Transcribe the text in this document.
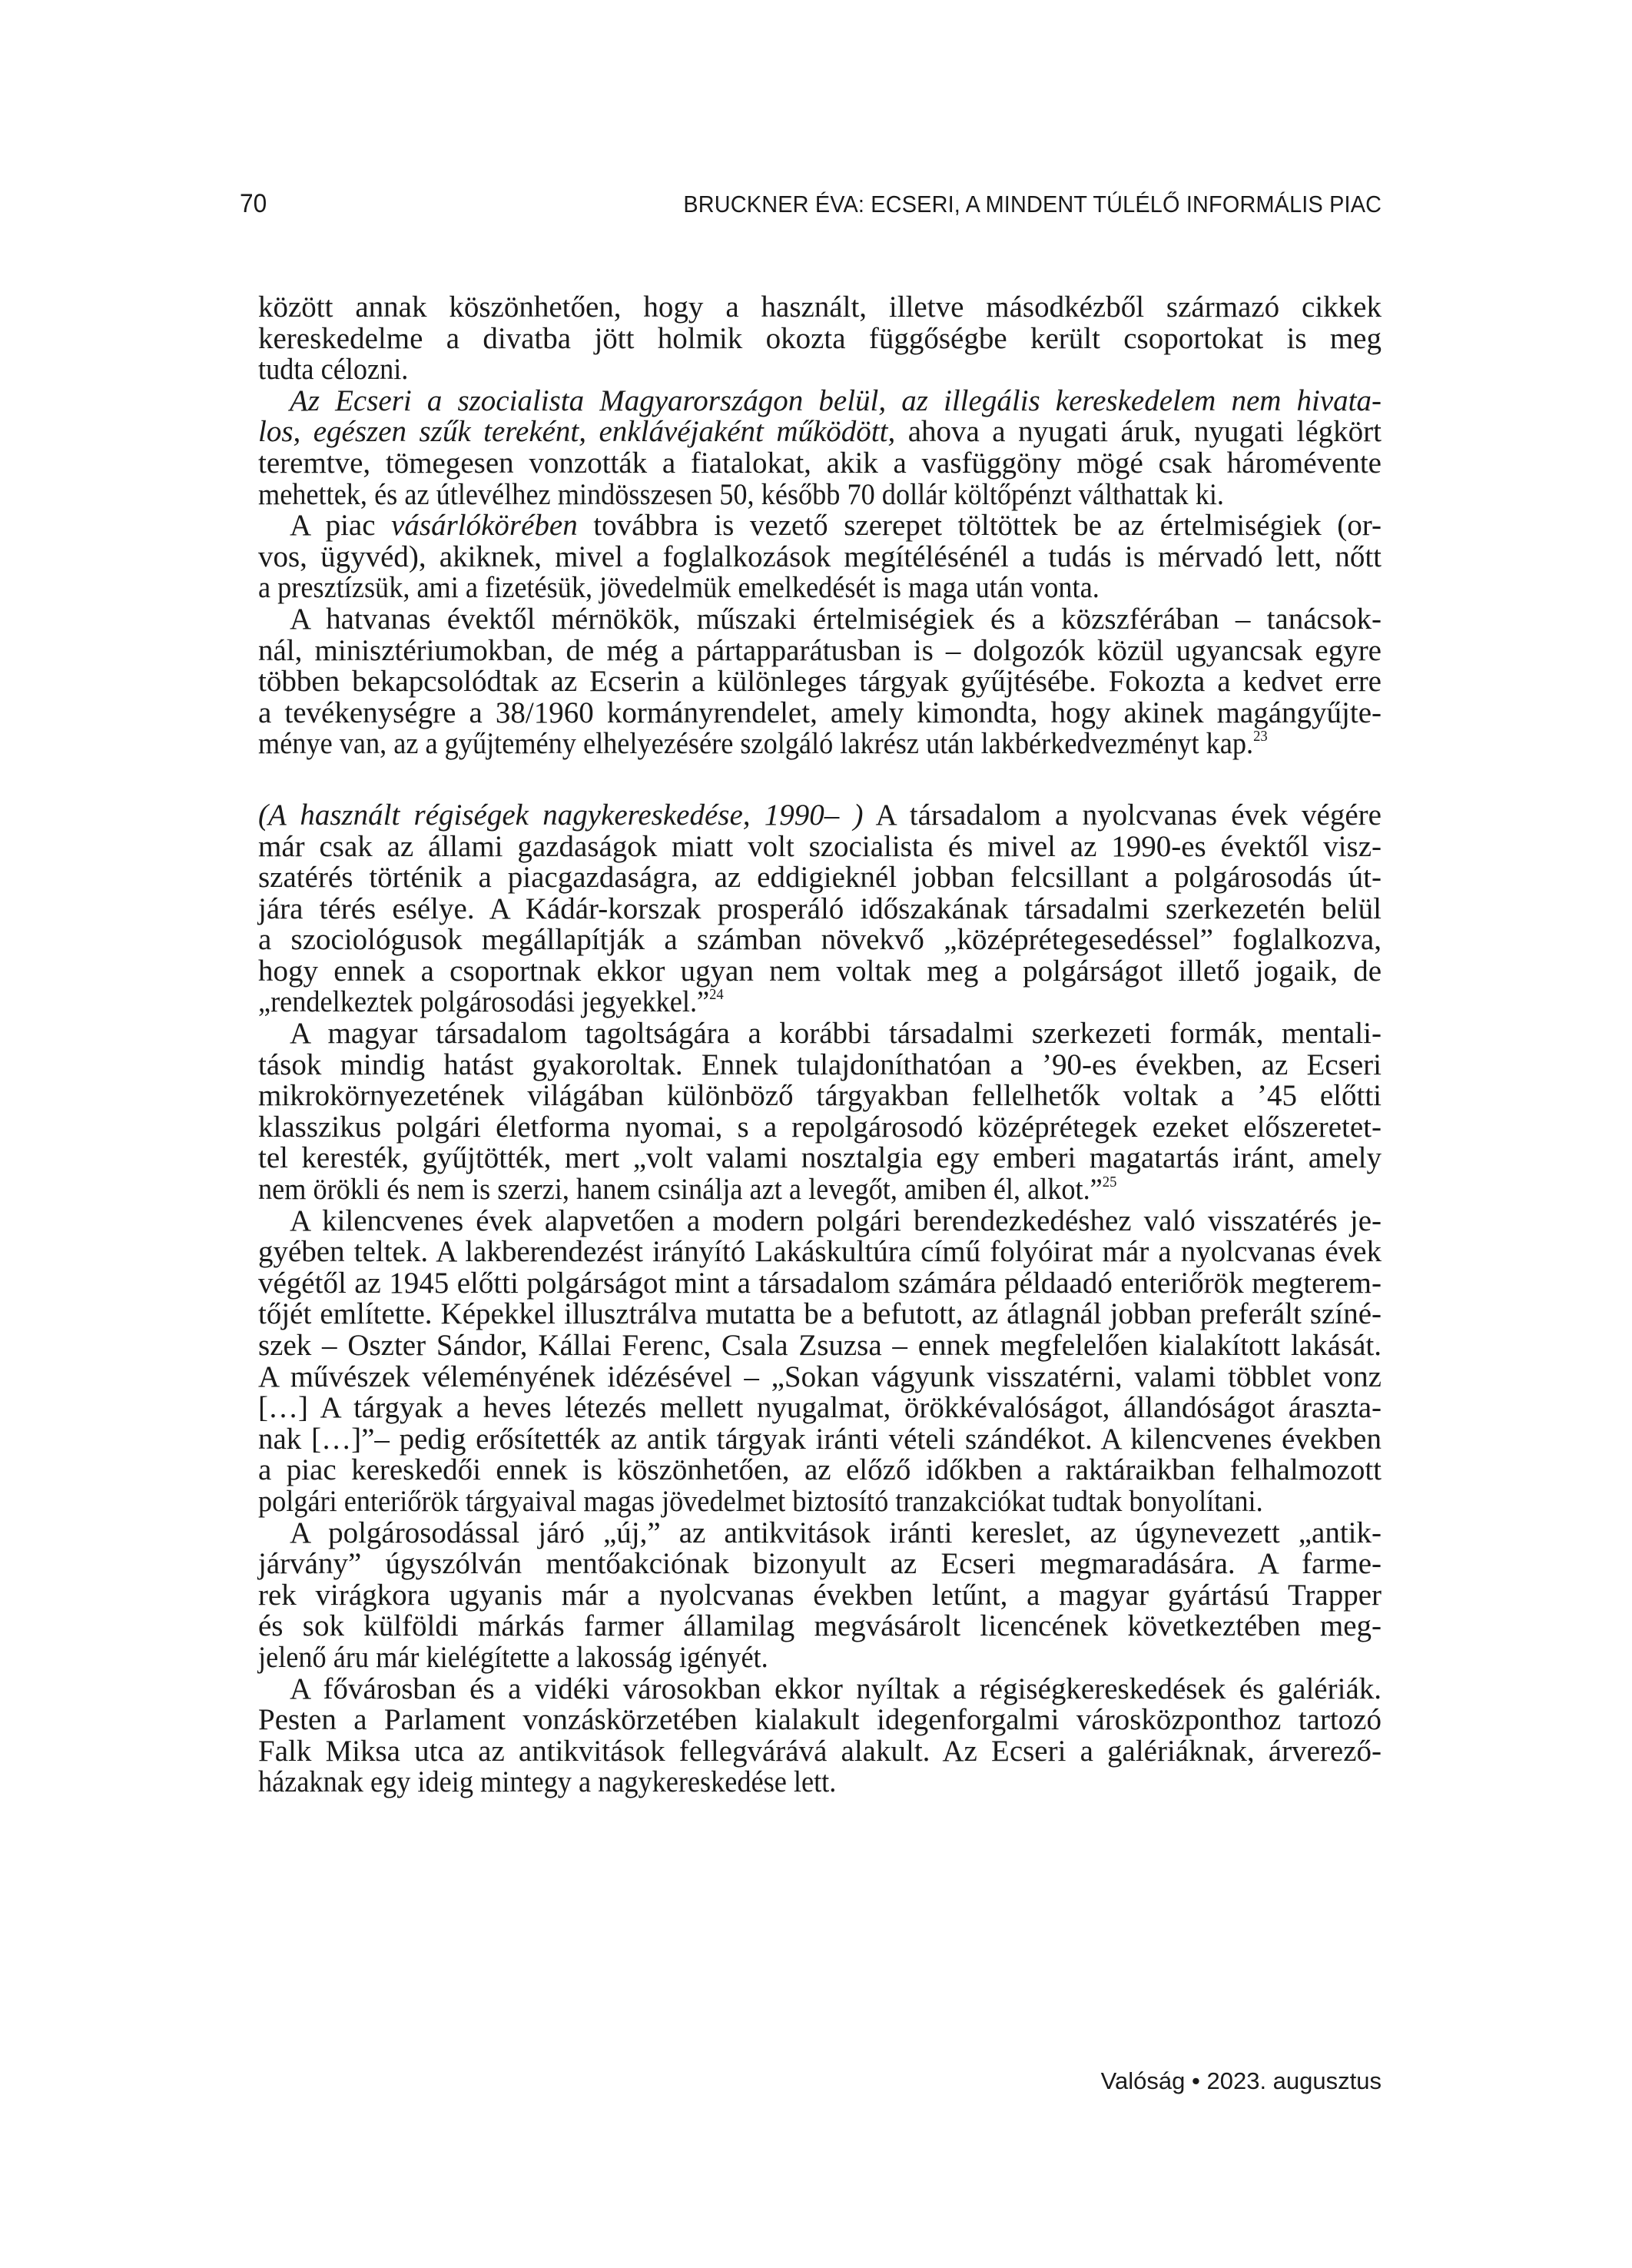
70	BRUCKNER ÉVA: ECSERI, A MINDENT TÚLÉLŐ INFORMÁLIS PIAC
között annak köszönhetően, hogy a használt, illetve másodkézből származó cikkek
kereskedelme a divatba jött holmik okozta függőségbe került csoportokat is meg
tudta célozni.
Az Ecseri a szocialista Magyarországon belül, az illegális kereskedelem nem hivata-
los, egészen szűk tereként, enklávéjaként működött, ahova a nyugati áruk, nyugati légkört
teremtve, tömegesen vonzották a fiatalokat, akik a vasfüggöny mögé csak háromévente
mehettek, és az útlevélhez mindösszesen 50, később 70 dollár költőpénzt válthattak ki.
A piac vásárlókörében továbbra is vezető szerepet töltöttek be az értelmiségiek (or-
vos, ügyvéd), akiknek, mivel a foglalkozások megítélésénél a tudás is mérvadó lett, nőtt
a presztízsük, ami a fizetésük, jövedelmük emelkedését is maga után vonta.
A hatvanas évektől mérnökök, műszaki értelmiségiek és a közszférában – tanácsok-
nál, minisztériumokban, de még a pártapparátusban is – dolgozók közül ugyancsak egyre
többen bekapcsolódtak az Ecserin a különleges tárgyak gyűjtésébe. Fokozta a kedvet erre
a tevékenységre a 38/1960 kormányrendelet, amely kimondta, hogy akinek magángyűjte-
ménye van, az a gyűjtemény elhelyezésére szolgáló lakrész után lakbérkedvezményt kap.$^{23}$
(A használt régiségek nagykereskedése, 1990– ) A társadalom a nyolcvanas évek végére
már csak az állami gazdaságok miatt volt szocialista és mivel az 1990-es évektől visz-
szatérés történik a piacgazdaságra, az eddigieknél jobban felcsillant a polgárosodás út-
jára térés esélye. A Kádár-korszak prosperáló időszakának társadalmi szerkezetén belül
a szociológusok megállapítják a számban növekvő „középrétegesedéssel” foglalkozva,
hogy ennek a csoportnak ekkor ugyan nem voltak meg a polgárságot illető jogaik, de
„rendelkeztek polgárosodási jegyekkel.”$^{24}$
A magyar társadalom tagoltságára a korábbi társadalmi szerkezeti formák, mentali-
tások mindig hatást gyakoroltak. Ennek tulajdoníthatóan a ’90-es években, az Ecseri
mikrokörnyezetének világában különböző tárgyakban fellelhetők voltak a ’45 előtti
klasszikus polgári életforma nyomai, s a repolgárosodó középrétegek ezeket előszeretet-
tel keresték, gyűjtötték, mert „volt valami nosztalgia egy emberi magatartás iránt, amely
nem örökli és nem is szerzi, hanem csinálja azt a levegőt, amiben él, alkot.”$^{25}$
A kilencvenes évek alapvetően a modern polgári berendezkedéshez való visszatérés je-
gyében teltek. A lakberendezést irányító Lakáskultúra című folyóirat már a nyolcvanas évek
végétől az 1945 előtti polgárságot mint a társadalom számára példaadó enteriőrök megterem-
tőjét említette. Képekkel illusztrálva mutatta be a befutott, az átlagnál jobban preferált színé-
szek – Oszter Sándor, Kállai Ferenc, Csala Zsuzsa – ennek megfelelően kialakított lakását.
A művészek véleményének idézésével – „Sokan vágyunk visszatérni, valami többlet vonz
[…] A tárgyak a heves létezés mellett nyugalmat, örökkévalóságot, állandóságot áraszta-
nak […]”– pedig erősítették az antik tárgyak iránti vételi szándékot. A kilencvenes években
a piac kereskedői ennek is köszönhetően, az előző időkben a raktáraikban felhalmozott
polgári enteriőrök tárgyaival magas jövedelmet biztosító tranzakciókat tudtak bonyolítani.
A polgárosodással járó „új,” az antikvitások iránti kereslet, az úgynevezett „antik-
járvány” úgyszólván mentőakciónak bizonyult az Ecseri megmaradására. A farme-
rek virágkora ugyanis már a nyolcvanas években letűnt, a magyar gyártású Trapper
és sok külföldi márkás farmer államilag megvásárolt licencének következtében meg-
jelenő áru már kielégítette a lakosság igényét.
A fővárosban és a vidéki városokban ekkor nyíltak a régiségkereskedések és galériák.
Pesten a Parlament vonzáskörzetében kialakult idegenforgalmi városközponthoz tartozó
Falk Miksa utca az antikvitások fellegvárává alakult. Az Ecseri a galériáknak, árverező-
házaknak egy ideig mintegy a nagykereskedése lett.
Valóság • 2023. augusztus
